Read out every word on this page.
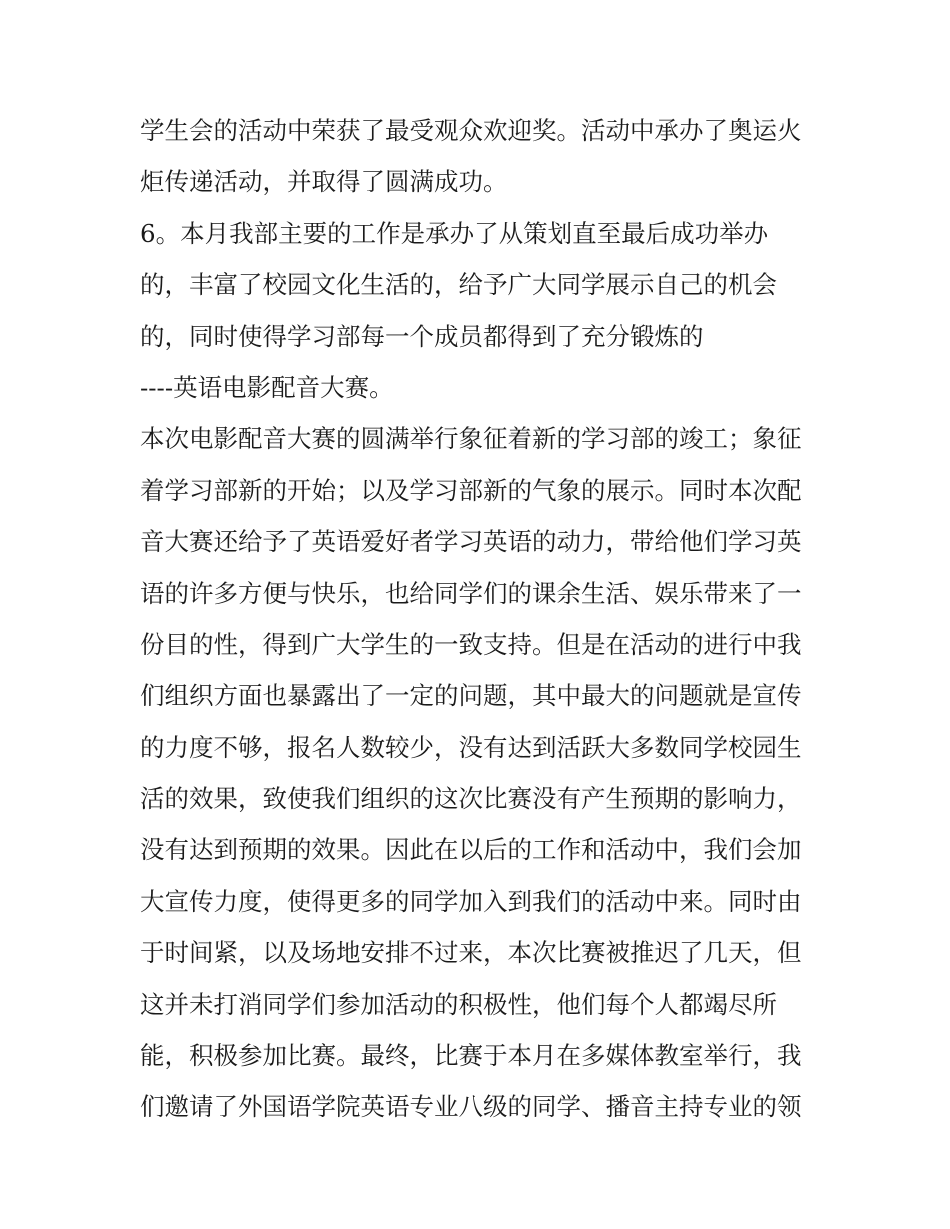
学生会的活动中荣获了最受观众欢迎奖。活动中承办了奥运火
炬传递活动，并取得了圆满成功。
6。本月我部主要的工作是承办了从策划直至最后成功举办
的，丰富了校园文化生活的，给予广大同学展示自己的机会
的，同时使得学习部每一个成员都得到了充分锻炼的
----英语电影配音大赛。
本次电影配音大赛的圆满举行象征着新的学习部的竣工；象征
着学习部新的开始；以及学习部新的气象的展示。同时本次配
音大赛还给予了英语爱好者学习英语的动力，带给他们学习英
语的许多方便与快乐，也给同学们的课余生活、娱乐带来了一
份目的性，得到广大学生的一致支持。但是在活动的进行中我
们组织方面也暴露出了一定的问题，其中最大的问题就是宣传
的力度不够，报名人数较少，没有达到活跃大多数同学校园生
活的效果，致使我们组织的这次比赛没有产生预期的影响力，
没有达到预期的效果。因此在以后的工作和活动中，我们会加
大宣传力度，使得更多的同学加入到我们的活动中来。同时由
于时间紧，以及场地安排不过来，本次比赛被推迟了几天，但
这并未打消同学们参加活动的积极性，他们每个人都竭尽所
能，积极参加比赛。最终，比赛于本月在多媒体教室举行，我
们邀请了外国语学院英语专业八级的同学、播音主持专业的领
